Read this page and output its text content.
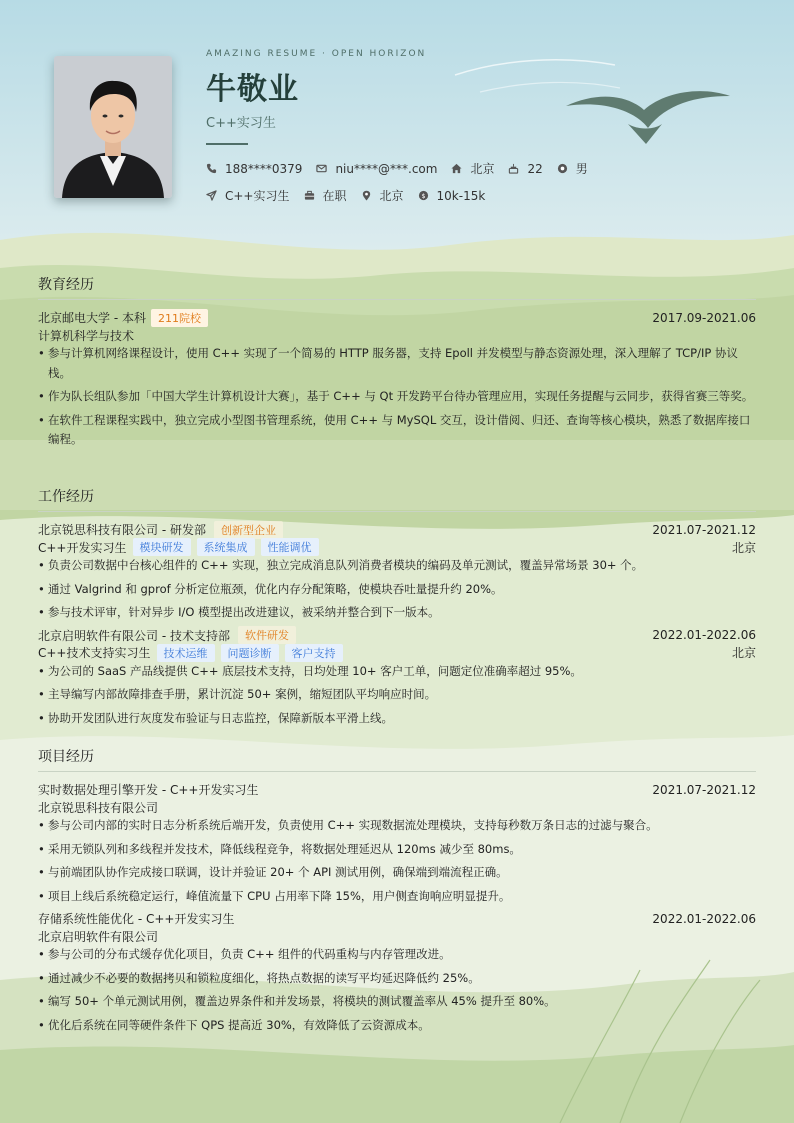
AMAZING RESUME · OPEN HORIZON
牛敬业
C++实习生
188****0379	niu****@***.com	北京	22	男
C++实习生	在职	北京 $ 10k-15k
教育经历
北京邮电大学 - 本科	211院校	2017.09-2021.06
计算机科学与技术
• 参与计算机网络课程设计，使用 C++ 实现了一个简易的 HTTP 服务器，支持 Epoll 并发模型与静态资源处理，深入理解了 TCP/IP 协议栈。
• 作为队长组队参加「中国大学生计算机设计大赛」，基于 C++ 与 Qt 开发跨平台待办管理应用，实现任务提醒与云同步，获得省赛三等奖。
• 在软件工程课程实践中，独立完成小型图书管理系统，使用 C++ 与 MySQL 交互，设计借阅、归还、查询等核心模块，熟悉了数据库接口编程。
工作经历
北京锐思科技有限公司 - 研发部	创新型企业	2021.07-2021.12
C++开发实习生	模块研发	系统集成	性能调优	北京
• 负责公司数据中台核心组件的 C++ 实现，独立完成消息队列消费者模块的编码及单元测试，覆盖异常场景 30+ 个。
• 通过 Valgrind 和 gprof 分析定位瓶颈，优化内存分配策略，使模块吞吐量提升约 20%。
• 参与技术评审，针对异步 I/O 模型提出改进建议，被采纳并整合到下一版本。
北京启明软件有限公司 - 技术支持部	软件研发	2022.01-2022.06
C++技术支持实习生	技术运维	问题诊断	客户支持	北京
• 为公司的 SaaS 产品线提供 C++ 底层技术支持，日均处理 10+ 客户工单，问题定位准确率超过 95%。
• 主导编写内部故障排查手册，累计沉淀 50+ 案例，缩短团队平均响应时间。
• 协助开发团队进行灰度发布验证与日志监控，保障新版本平滑上线。
项目经历
实时数据处理引擎开发 - C++开发实习生	2021.07-2021.12
北京锐思科技有限公司
• 参与公司内部的实时日志分析系统后端开发，负责使用 C++ 实现数据流处理模块，支持每秒数万条日志的过滤与聚合。
• 采用无锁队列和多线程并发技术，降低线程竞争，将数据处理延迟从 120ms 减少至 80ms。
• 与前端团队协作完成接口联调，设计并验证 20+ 个 API 测试用例，确保端到端流程正确。
• 项目上线后系统稳定运行，峰值流量下 CPU 占用率下降 15%，用户侧查询响应明显提升。
存储系统性能优化 - C++开发实习生	2022.01-2022.06
北京启明软件有限公司
• 参与公司的分布式缓存优化项目，负责 C++ 组件的代码重构与内存管理改进。
• 通过减少不必要的数据拷贝和锁粒度细化，将热点数据的读写平均延迟降低约 25%。
• 编写 50+ 个单元测试用例，覆盖边界条件和并发场景，将模块的测试覆盖率从 45% 提升至 80%。
• 优化后系统在同等硬件条件下 QPS 提高近 30%，有效降低了云资源成本。
